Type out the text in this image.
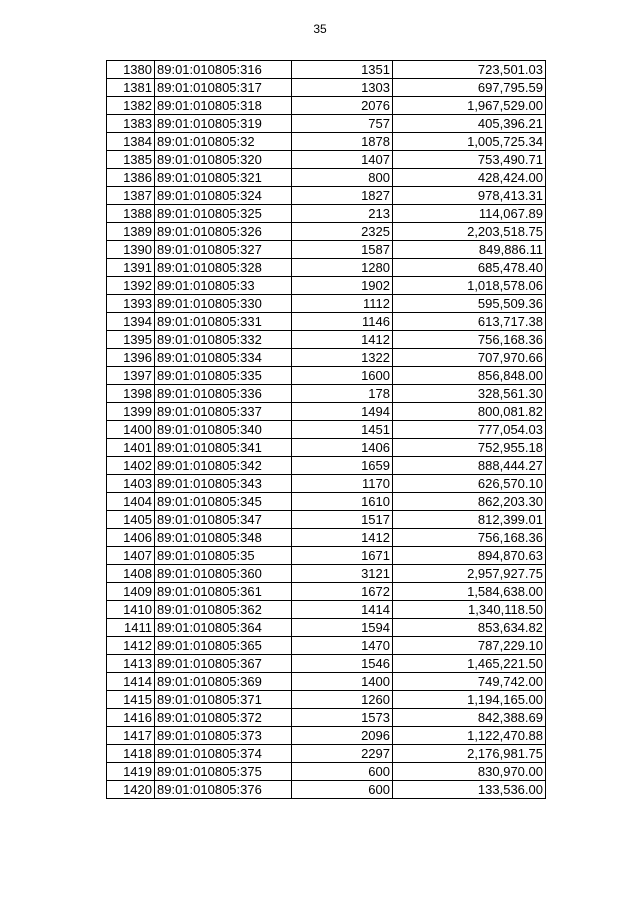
35
1380	89:01:010805:316	1351	723,501.03
1381	89:01:010805:317	1303	697,795.59
1382	89:01:010805:318	2076	1,967,529.00
1383	89:01:010805:319	757	405,396.21
1384	89:01:010805:32	1878	1,005,725.34
1385	89:01:010805:320	1407	753,490.71
1386	89:01:010805:321	800	428,424.00
1387	89:01:010805:324	1827	978,413.31
1388	89:01:010805:325	213	114,067.89
1389	89:01:010805:326	2325	2,203,518.75
1390	89:01:010805:327	1587	849,886.11
1391	89:01:010805:328	1280	685,478.40
1392	89:01:010805:33	1902	1,018,578.06
1393	89:01:010805:330	1112	595,509.36
1394	89:01:010805:331	1146	613,717.38
1395	89:01:010805:332	1412	756,168.36
1396	89:01:010805:334	1322	707,970.66
1397	89:01:010805:335	1600	856,848.00
1398	89:01:010805:336	178	328,561.30
1399	89:01:010805:337	1494	800,081.82
1400	89:01:010805:340	1451	777,054.03
1401	89:01:010805:341	1406	752,955.18
1402	89:01:010805:342	1659	888,444.27
1403	89:01:010805:343	1170	626,570.10
1404	89:01:010805:345	1610	862,203.30
1405	89:01:010805:347	1517	812,399.01
1406	89:01:010805:348	1412	756,168.36
1407	89:01:010805:35	1671	894,870.63
1408	89:01:010805:360	3121	2,957,927.75
1409	89:01:010805:361	1672	1,584,638.00
1410	89:01:010805:362	1414	1,340,118.50
1411	89:01:010805:364	1594	853,634.82
1412	89:01:010805:365	1470	787,229.10
1413	89:01:010805:367	1546	1,465,221.50
1414	89:01:010805:369	1400	749,742.00
1415	89:01:010805:371	1260	1,194,165.00
1416	89:01:010805:372	1573	842,388.69
1417	89:01:010805:373	2096	1,122,470.88
1418	89:01:010805:374	2297	2,176,981.75
1419	89:01:010805:375	600	830,970.00
1420	89:01:010805:376	600	133,536.00
